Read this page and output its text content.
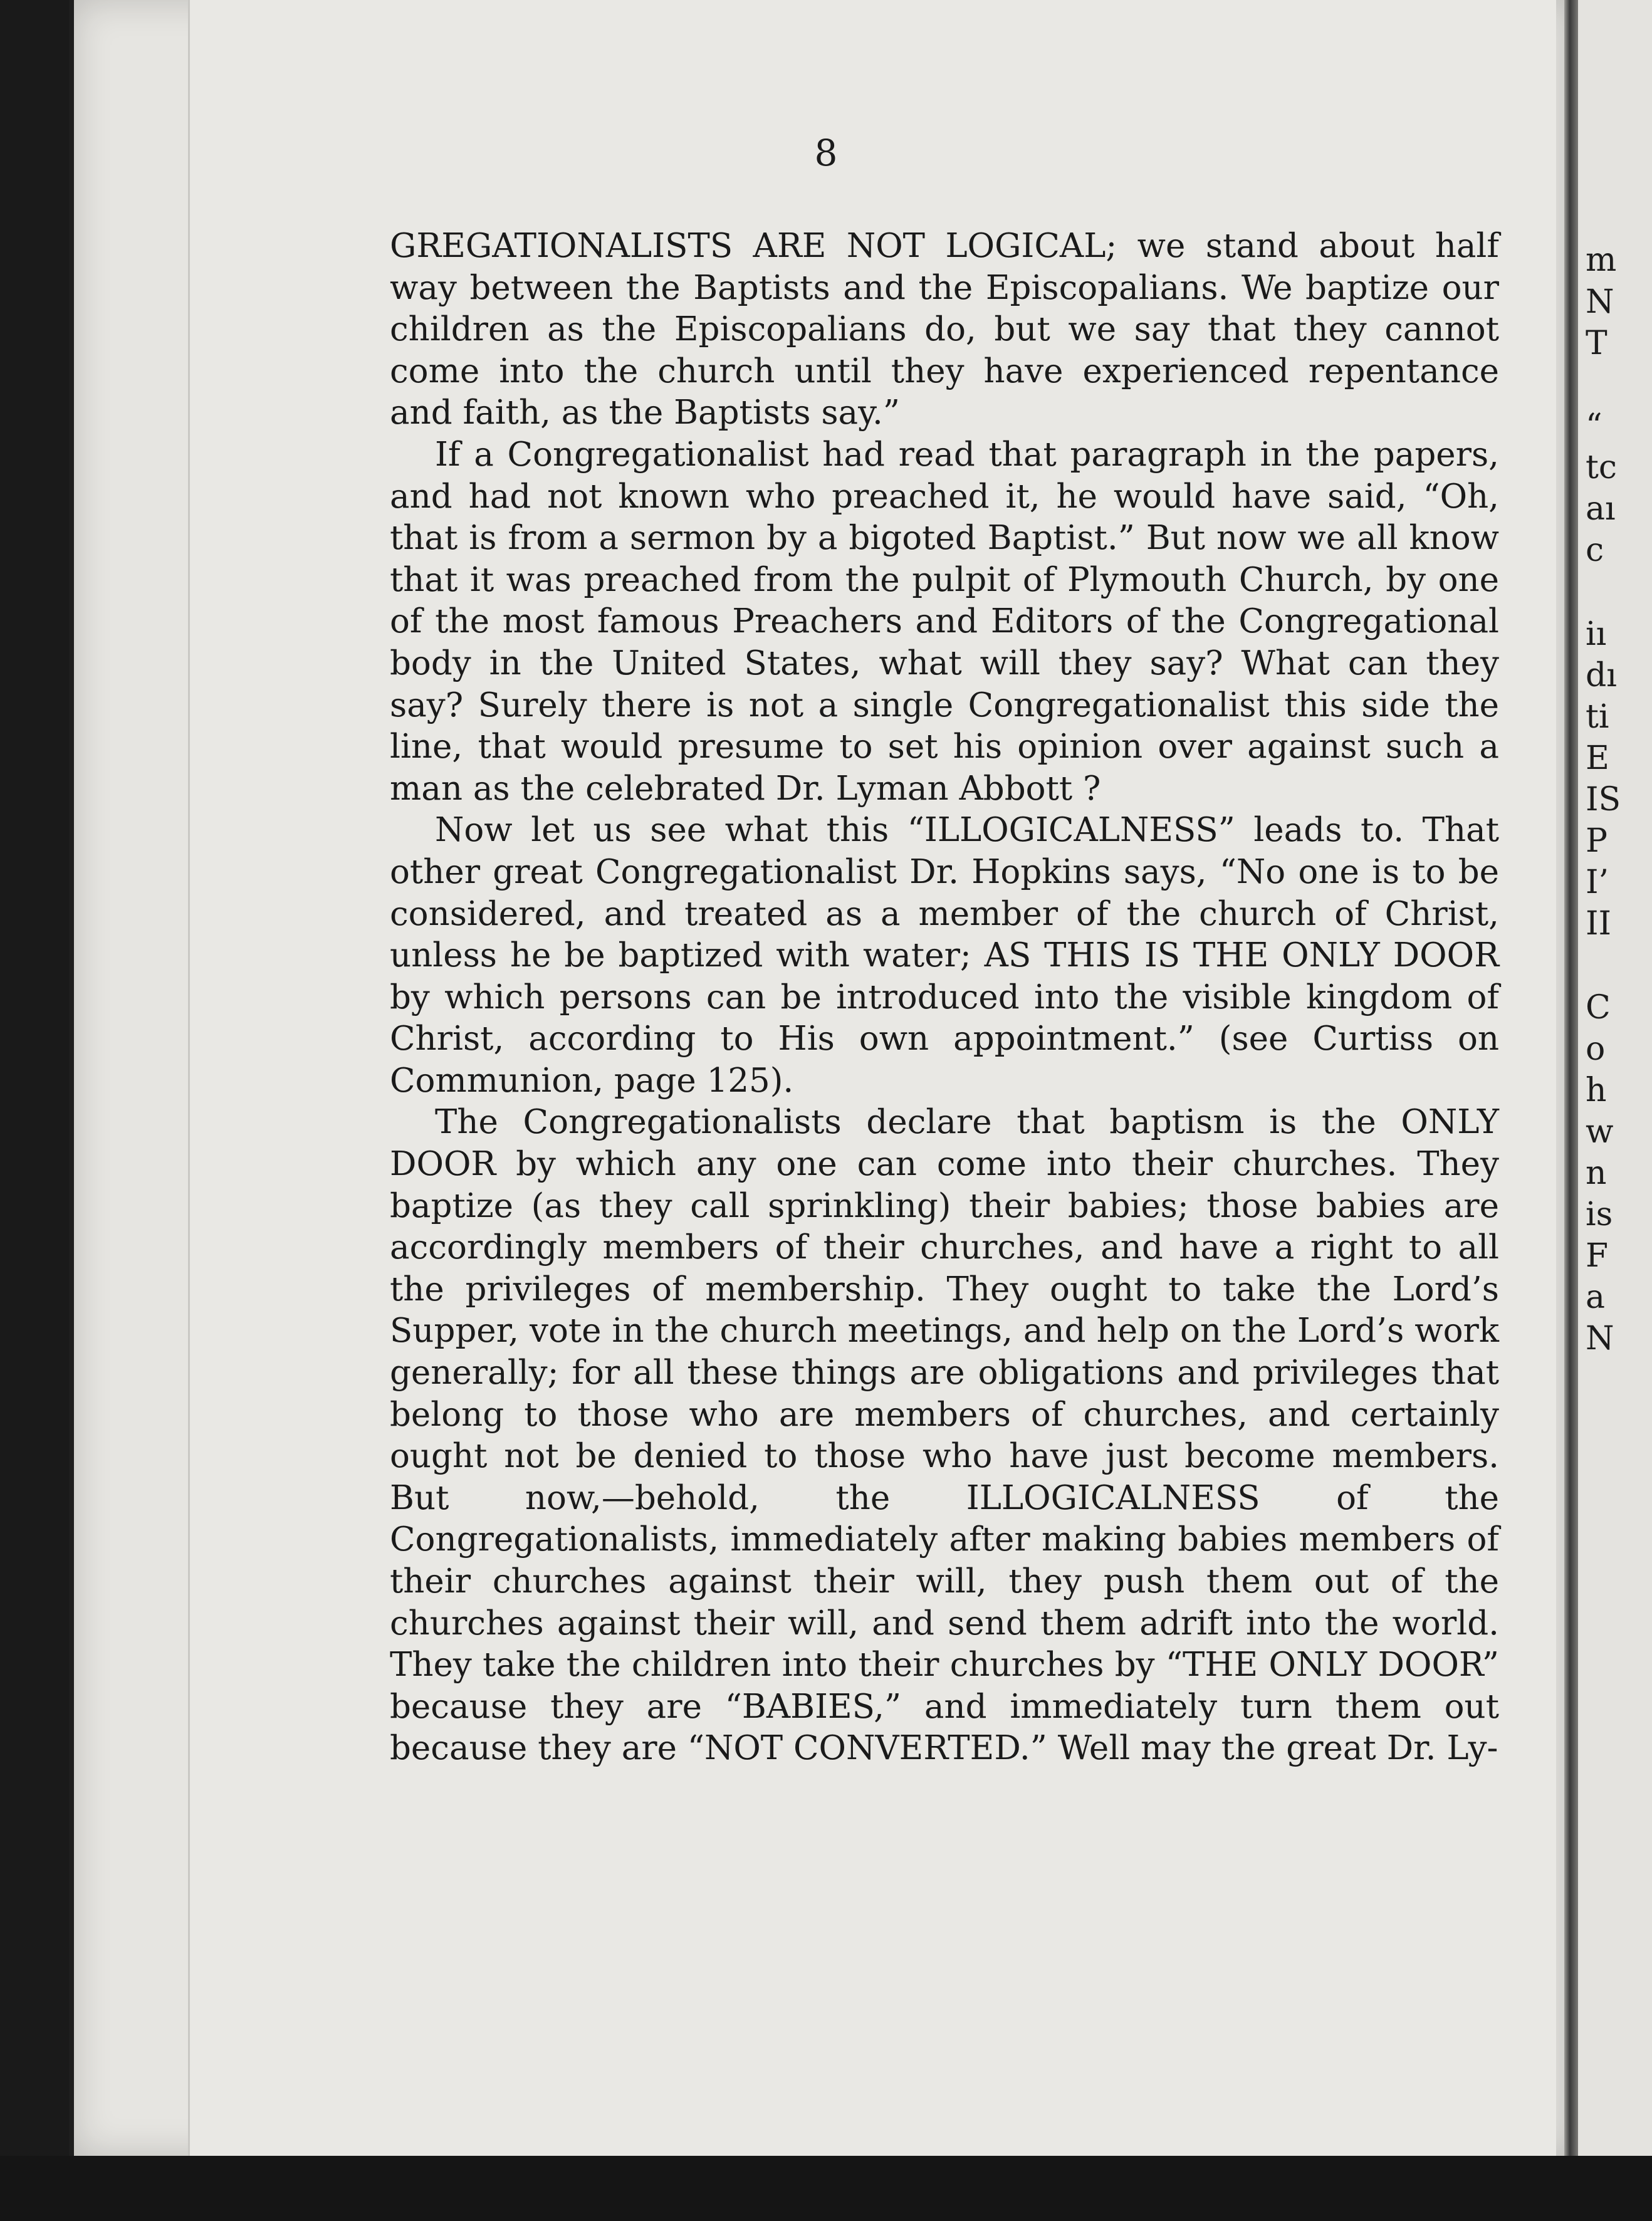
8

GREGATIONALISTS ARE NOT LOGICAL; we stand about half way between the Baptists and the Episcopalians. We baptize our children as the Episcopalians do, but we say that they cannot come into the church until they have experienced repentance and faith, as the Baptists say.”

If a Congregationalist had read that paragraph in the papers, and had not known who preached it, he would have said, “Oh, that is from a sermon by a bigoted Baptist.” But now we all know that it was preached from the pulpit of Plymouth Church, by one of the most famous Preachers and Editors of the Congregational body in the United States, what will they say? What can they say? Surely there is not a single Congregationalist this side the line, that would presume to set his opinion over against such a man as the celebrated Dr. Lyman Abbott ?

Now let us see what this “ILLOGICALNESS” leads to. That other great Congregationalist Dr. Hopkins says, “No one is to be considered, and treated as a member of the church of Christ, unless he be baptized with water; AS THIS IS THE ONLY DOOR by which persons can be introduced into the visible kingdom of Christ, according to His own appointment.” (see Curtiss on Communion, page 125).

The Congregationalists declare that baptism is the ONLY DOOR by which any one can come into their churches. They baptize (as they call sprinkling) their babies; those babies are accordingly members of their churches, and have a right to all the privileges of membership. They ought to take the Lord’s Supper, vote in the church meetings, and help on the Lord’s work generally; for all these things are obligations and privileges that belong to those who are members of churches, and certainly ought not be denied to those who have just become members. But now,—behold, the ILLOGICALNESS of the Congregationalists, immediately after making babies members of their churches against their will, they push them out of the churches against their will, and send them adrift into the world. They take the children into their churches by “THE ONLY DOOR” because they are “BABIES,” and immediately turn them out because they are “NOT CONVERTED.” Well may the great Dr. Ly-

m
N
T
“
tc
aı
c
iı
dı
ti
E
IS
P
I’
II
C
o
h
w
n
is
F
a
N
